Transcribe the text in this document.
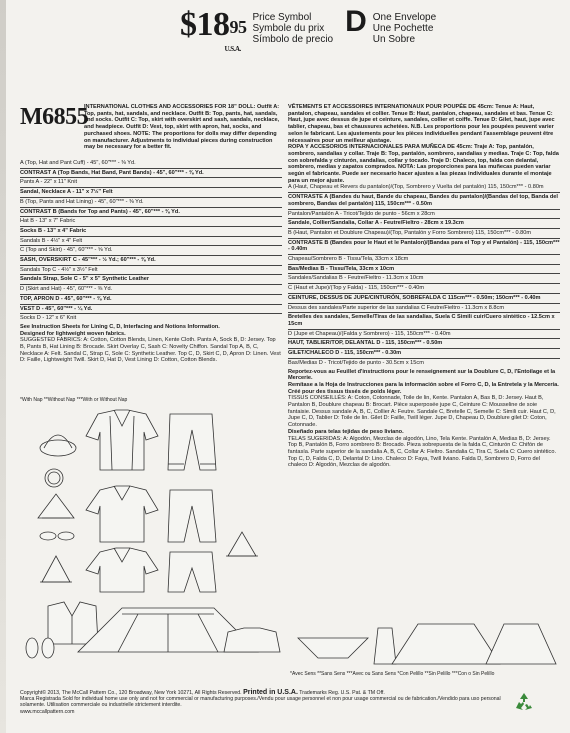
$\$18^{95}$
U.S.A.
Price Symbol
Symbole du prix
Símbolo de precio
D One Envelope
Une Pochette
Un Sobre
M6855
INTERNATIONAL CLOTHES AND ACCESSORIES FOR 18" DOLL: Outfit A: Top, pants, hat, sandals, and necklace. Outfit B: Top, pants, hat, sandals, and socks. Outfit C: Top, skirt with overskirt and sash, sandals, necklace, and headpiece. Outfit D: Vest, top, skirt with apron, hat, socks, and purchased shoes. NOTE: The proportions for dolls may differ depending on manufacturer. Adjustments to individual pieces during construction may be necessary for a better fit.

A (Top, Hat and Pant Cuff) - 45", 60"*** - ⅜ Yd.

CONTRAST A (Top Bands, Hat Band, Pant Bands) - 45", 60"*** - ⅜ Yd.

Pants A - 22" x 11" Knit

Sandal, Necklace A - 11" x 7½" Felt

B (Top, Pants and Hat Lining) - 45", 60"*** - ⅜ Yd.

CONTRAST B (Bands for Top and Pants) - 45", 60"*** - ⅜ Yd.

Hat B - 13" x 7" Fabric

Socks B - 13" x 4" Fabric

Sandals B - 4½" x 4" Felt

C (Top and Skirt) - 45", 60"*** - ⅝ Yd.

SASH, OVERSKIRT C - 45"*** - ½ Yd.; 60"*** - ⅜ Yd.

Sandals Top C - 4½" x 3½" Felt

Sandals Strap, Sole C - 5" x 5" Synthetic Leather

D (Skirt and Hat) - 45", 60"*** - ⅜ Yd.

TOP, APRON D - 45", 60"*** - ⅜ Yd.

VEST D - 45", 60"*** - ¼ Yd.

Socks D - 12" x 6" Knit

See Instruction Sheets for Lining C, D, Interfacing and Notions Information.

Designed for lightweight woven fabrics.

SUGGESTED FABRICS: A: Cotton, Cotton Blends, Linen, Kente Cloth. Pants A, Sock B, D: Jersey. Top B, Pants B, Hat Lining B: Brocade. Skirt Overlay C, Sash C: Novelty Chiffon. Sandal Top A, B, C, Necklace A: Felt. Sandal C, Strap C, Sole C: Synthetic Leather. Top C, D, Skirt C, D, Apron D: Linen. Vest D: Faille, Lightweight Twill. Skirt D, Hat D, Vest Lining D: Cotton, Cotton Blends.

*With Nap **Without Nap ***With or Without Nap

VÊTEMENTS ET ACCESSOIRES INTERNATIONAUX POUR POUPÉE DE 45cm: Tenue A: Haut, pantalon, chapeau, sandales et collier. Tenue B: Haut, pantalon, chapeau, sandales et bas. Tenue C: Haut, jupe avec dessus de jupe et ceinture, sandales, collier et coiffe. Tenue D: Gilet, haut, jupe avec tablier, chapeau, bas et chaussures achetées. N.B. Les proportions pour les poupées peuvent varier selon le fabricant. Les ajustements pour les pièces individuelles pendant l'assemblage peuvent être nécessaires pour un meilleur ajustage.

ROPA Y ACCESORIOS INTERNACIONALES PARA MUÑECA DE 45cm: Traje A: Top, pantalón, sombrero, sandalias y collar. Traje B: Top, pantalón, sombrero, sandalias y medias. Traje C: Top, falda con sobrefalda y cinturón, sandalias, collar y tocado. Traje D: Chaleco, top, falda con delantal, sombrero, medias y zapatos comprados. NOTA: Las proporciones para las muñecas pueden variar según el fabricante. Puede ser necesario hacer ajustes a las piezas individuales durante el montaje para un mejor ajuste.

A (Haut, Chapeau et Revers du pantalon)/(Top, Sombrero y Vuelta del pantalón) 115, 150cm*** - 0.80m

CONTRASTE A (Bandes du haut, Bande du chapeau, Bandes du pantalon)/(Bandas del top, Banda del sombrero, Bandas del pantalón) 115, 150cm*** - 0.50m

Pantalon/Pantalón A - Tricot/Tejido de punto - 56cm x 28cm

Sandale, Collier/Sandalia, Collar A - Feutre/Fieltro - 28cm x 19.3cm

B (Haut, Pantalon et Doublure Chapeau)/(Top, Pantalón y Forro Sombrero) 115, 150cm*** - 0.80m

CONTRASTE B (Bandes pour le Haut et le Pantalon)/(Bandas para el Top y el Pantalón) - 115, 150cm*** - 0.40m

Chapeau/Sombrero B - Tissu/Tela, 33cm x 18cm

Bas/Medias B - Tissu/Tela, 33cm x 10cm

Sandales/Sandalias B - Feutre/Fieltro - 11.3cm x 10cm

C (Haut et Jupe)/(Top y Falda) - 115, 150cm*** - 0.40m

CEINTURE, DESSUS DE JUPE/CINTURÓN, SOBREFALDA C 115cm*** - 0.50m; 150cm*** - 0.40m

Dessus des sandales/Parte superior de las sandalias C Feutre/Fieltro - 11.3cm x 8.8cm

Bretelles des sandales, Semelle/Tiras de las sandalias, Suela C Simili cuir/Cuero sintético - 12.5cm x 15cm

D (Jupe et Chapeau)/(Falda y Sombrero) - 115, 150cm*** - 0.40m

HAUT, TABLIER/TOP, DELANTAL D - 115, 150cm*** - 0.50m

GILET/CHALECO D - 115, 150cm*** - 0.30m

Bas/Medias D - Tricot/Tejido de punto - 30.5cm x 15cm

Reportez-vous au Feuillet d'instructions pour le renseignement sur la Doublure C, D, l'Entoilage et la Mercerie.

Remítase a la Hoja de Instrucciones para la información sobre el Forro C, D, la Entretela y la Mercería.

Créé pour des tissus tissés de poids léger.

TISSUS CONSEILLÉS: A: Coton, Cotonnade, Toile de lin, Kente. Pantalon A, Bas B, D: Jersey. Haut B, Pantalon B, Doublure chapeau B: Brocart. Pièce superposée jupe C, Ceinture C: Mousseline de soie fantaisie. Dessus sandale A, B, C, Collier A: Feutre. Sandale C, Bretelle C, Semelle C: Simili cuir. Haut C, D, Jupe C, D, Tablier D: Toile de lin. Gilet D: Faille, Twill léger. Jupe D, Chapeau D, Doublure gilet D: Coton, Cotonnade.

Diseñado para telas tejidas de peso liviano.

TELAS SUGERIDAS: A: Algodón, Mezclas de algodón, Lino, Tela Kente. Pantalón A, Medias B, D: Jersey. Top B, Pantalón B, Forro sombrero B: Brocado. Pieza sobrepuesta de la falda C, Cinturón C: Chifón de fantasía. Parte superior de la sandalia A, B, C, Collar A: Fieltro. Sandalia C, Tira C, Suela C: Cuero sintético. Top C, D, Falda C, D, Delantal D: Lino. Chaleco D: Faya, Twill liviano. Falda D, Sombrero D, Forro del chaleco D: Algodón, Mezclas de algodón.

*Avec Sens **Sans Sens ***Avec ou Sans Sens *Con Pelillo **Sin Pelillo ***Con o Sin Pelillo
Copyright© 2013, The McCall Pattern Co., 120 Broadway, New York 10271, All Rights Reserved. Printed in U.S.A. Trademarks Reg. U.S. Pat. & TM Off.
Marca Registrada Sold for individual home use only and not for commercial or manufacturing purposes./Vendu pour usage personnel et non pour usage commercial ou de fabrication./Vendido para uso personal solamente. Utilisation commerciale ou industrielle strictement interdite.
www.mccallpattern.com
